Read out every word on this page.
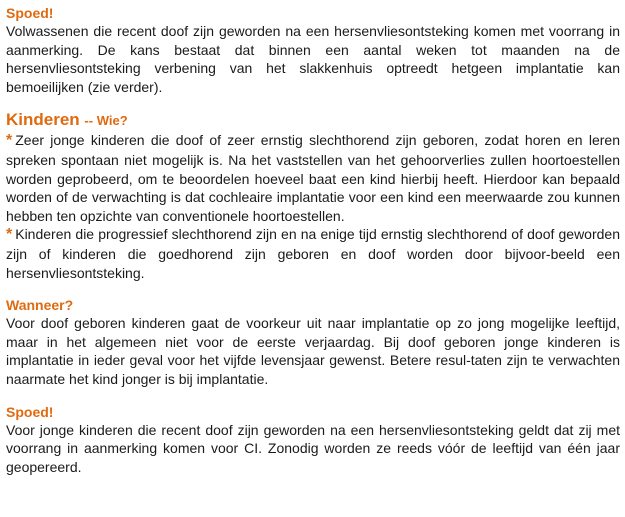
Spoed!

Volwassenen die recent doof zijn geworden na een hersenvliesontsteking komen met voorrang in aanmerking. De kans bestaat dat binnen een aantal weken tot maanden na de hersenvliesontsteking verbening van het slakkenhuis optreedt hetgeen implantatie kan bemoeilijken (zie verder).

Kinderen -- Wie?

* Zeer jonge kinderen die doof of zeer ernstig slechthorend zijn geboren, zodat horen en leren spreken spontaan niet mogelijk is. Na het vaststellen van het gehoorverlies zullen hoortoestellen worden geprobeerd, om te beoordelen hoeveel baat een kind hierbij heeft. Hierdoor kan bepaald worden of de verwachting is dat cochleaire implantatie voor een kind een meerwaarde zou kunnen hebben ten opzichte van conventionele hoortoestellen.

* Kinderen die progressief slechthorend zijn en na enige tijd ernstig slechthorend of doof geworden zijn of kinderen die goedhorend zijn geboren en doof worden door bijvoor-beeld een hersenvliesontsteking.

Wanneer?

Voor doof geboren kinderen gaat de voorkeur uit naar implantatie op zo jong mogelijke leeftijd, maar in het algemeen niet voor de eerste verjaardag. Bij doof geboren jonge kinderen is implantatie in ieder geval voor het vijfde levensjaar gewenst. Betere resul-taten zijn te verwachten naarmate het kind jonger is bij implantatie.

Spoed!

Voor jonge kinderen die recent doof zijn geworden na een hersenvliesontsteking geldt dat zij met voorrang in aanmerking komen voor CI. Zonodig worden ze reeds vóór de leeftijd van één jaar geopereerd.
